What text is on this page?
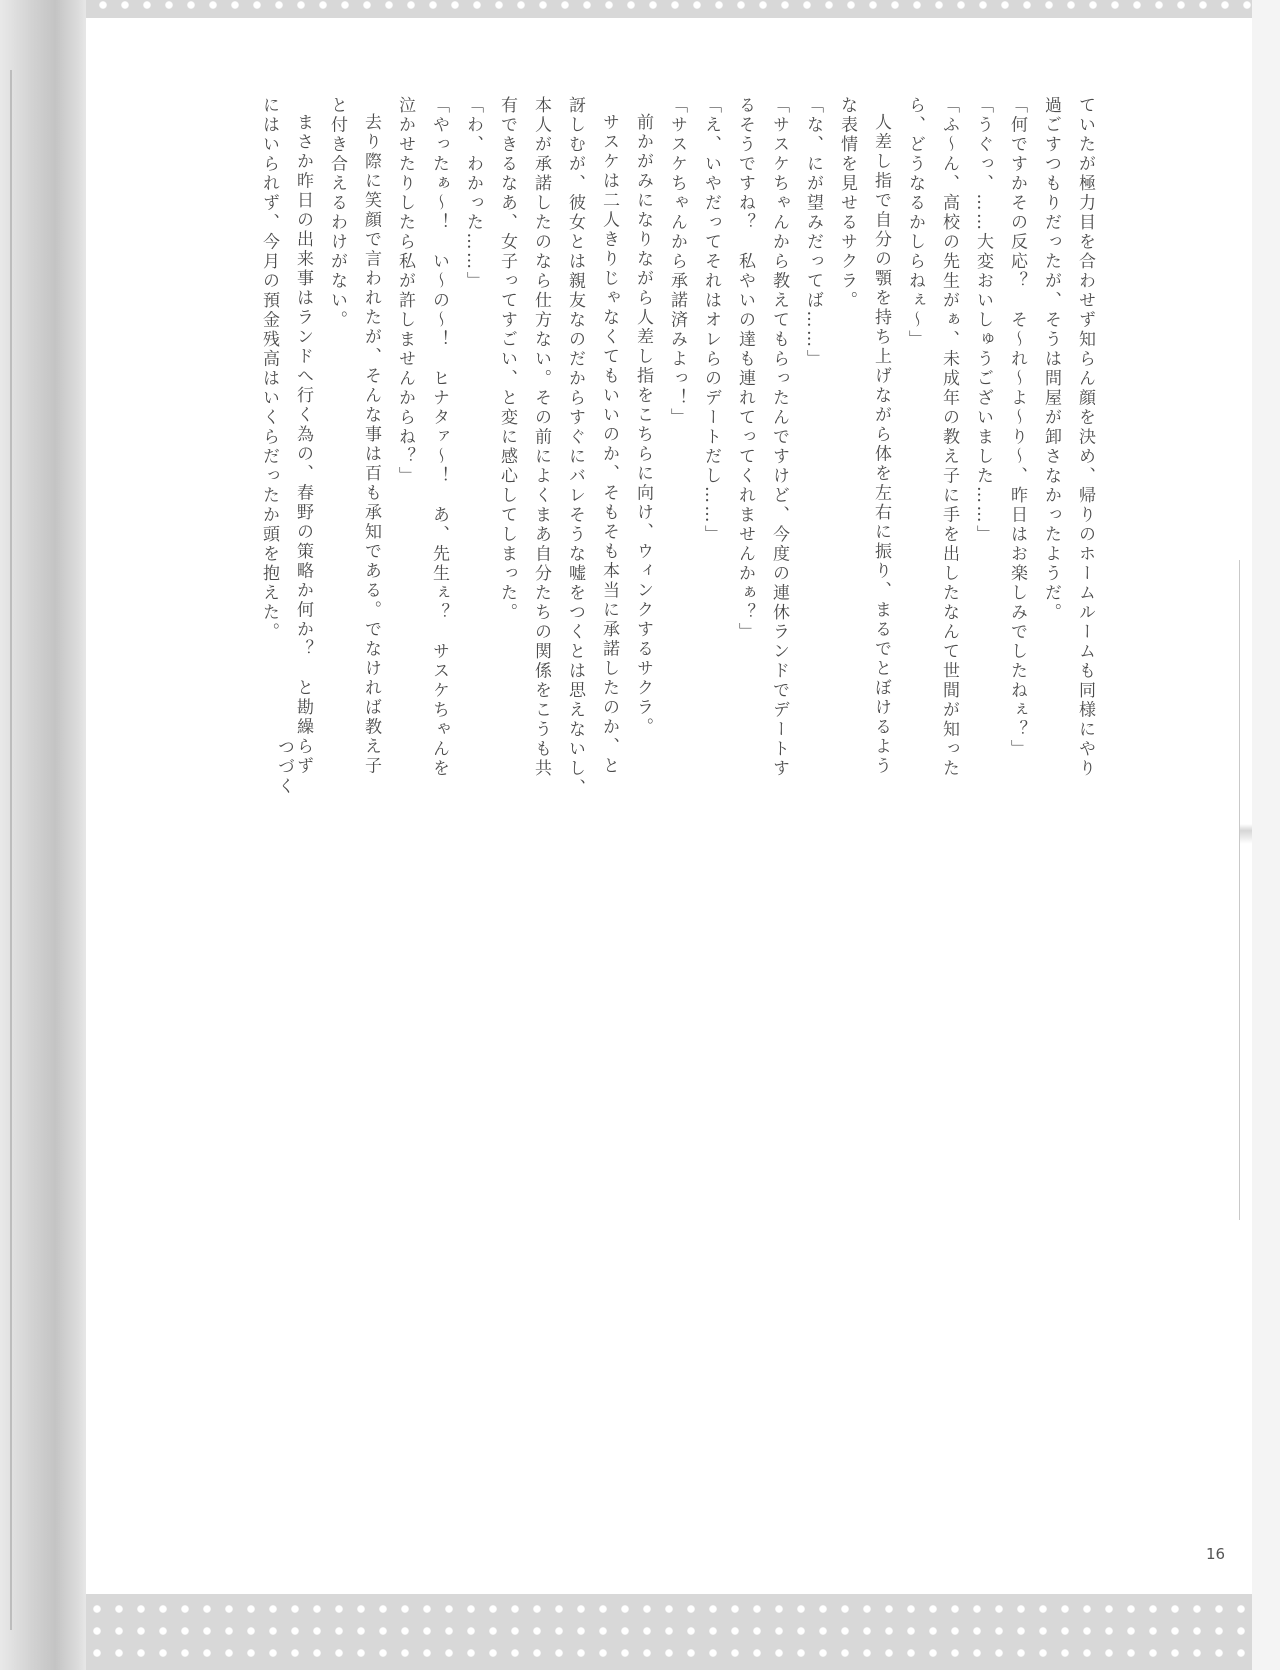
ていたが極力目を合わせず知らん顔を決め、帰りのホームルームも同様にやり

過ごすつもりだったが、そうは問屋が卸さなかったようだ。

「何ですかその反応？　そ〜れ〜よ〜り〜、昨日はお楽しみでしたねぇ？」

「うぐっ、……大変おいしゅうございました……」

「ふ〜ん、高校の先生がぁ、未成年の教え子に手を出したなんて世間が知った

ら、どうなるかしらねぇ〜」

人差し指で自分の顎を持ち上げながら体を左右に振り、まるでとぼけるよう

な表情を見せるサクラ。

「な、にが望みだってば……」

「サスケちゃんから教えてもらったんですけど、今度の連休ランドでデートす

るそうですね？　私やいの達も連れてってくれませんかぁ？」

「え、いやだってそれはオレらのデートだし……」

「サスケちゃんから承諾済みよっ！」

前かがみになりながら人差し指をこちらに向け、ウィンクするサクラ。

サスケは二人きりじゃなくてもいいのか、そもそも本当に承諾したのか、と

訝しむが、彼女とは親友なのだからすぐにバレそうな嘘をつくとは思えないし、

本人が承諾したのなら仕方ない。その前によくまあ自分たちの関係をこうも共

有できるなあ、女子ってすごい、と変に感心してしまった。

「わ、わかった……」

「やったぁ〜！　い〜の〜！　ヒナタァ〜！　あ、先生ぇ？　サスケちゃんを

泣かせたりしたら私が許しませんからね？」

去り際に笑顔で言われたが、そんな事は百も承知である。でなければ教え子

と付き合えるわけがない。

まさか昨日の出来事はランドへ行く為の、春野の策略か何か？　と勘繰らず

にはいられず、今月の預金残高はいくらだったか頭を抱えた。

つづく
16
